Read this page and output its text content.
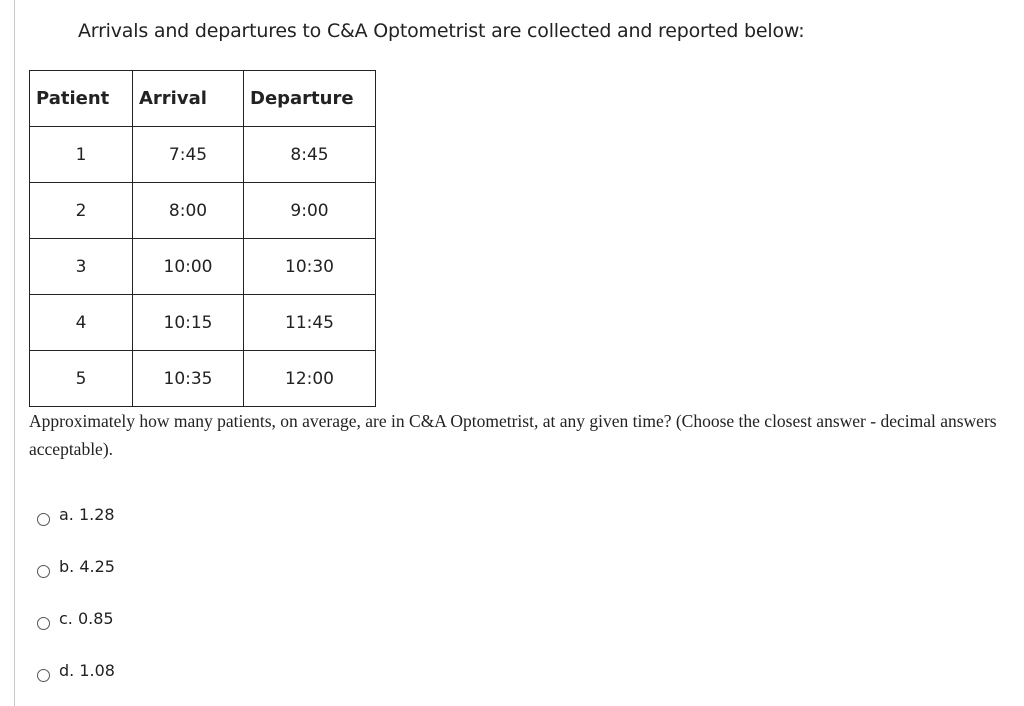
Arrivals and departures to C&A Optometrist are collected and reported below:
Patient	Arrival	Departure
1	7:45	8:45
2	8:00	9:00
3	10:00	10:30
4	10:15	11:45
5	10:35	12:00
Approximately how many patients, on average, are in C&A Optometrist, at any given time? (Choose the closest answer - decimal answers acceptable).
a. 1.28
b. 4.25
c. 0.85
d. 1.08
